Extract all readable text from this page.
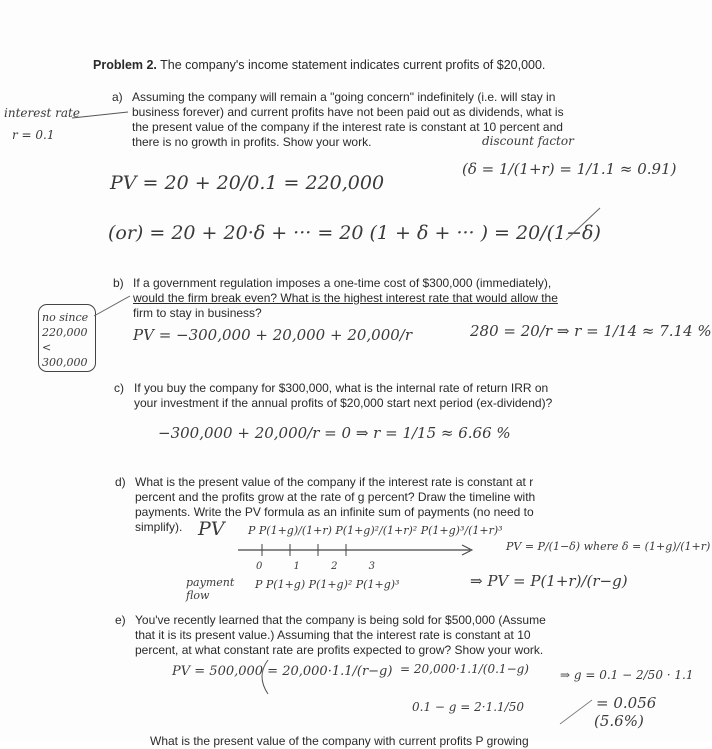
Problem 2. The company's income statement indicates current profits of $20,000.
a) Assuming the company will remain a "going concern" indefinitely (i.e. will stay in
business forever) and current profits have not been paid out as dividends, what is
the present value of the company if the interest rate is constant at 10 percent and
there is no growth in profits. Show your work.
b) If a government regulation imposes a one-time cost of $300,000 (immediately),
would the firm break even? What is the highest interest rate that would allow the
firm to stay in business?
c) If you buy the company for $300,000, what is the internal rate of return IRR on
your investment if the annual profits of $20,000 start next period (ex-dividend)?
d) What is the present value of the company if the interest rate is constant at r
percent and the profits grow at the rate of g percent? Draw the timeline with
payments. Write the PV formula as an infinite sum of payments (no need to
simplify).
e) You've recently learned that the company is being sold for $500,000 (Assume
that it is its present value.) Assuming that the interest rate is constant at 10
percent, at what constant rate are profits expected to grow? Show your work.
What is the present value of the company with current profits P growing
interest rate
r = 0.1	discount factor
(δ = 1/(1+r) = 1/1.1 ≈ 0.91)
PV = 20 + 20/0.1 = 220,000
(or) = 20 + 20·δ + ··· = 20 (1 + δ + ··· ) = 20/(1−δ)
no since 220,000 < 300,000
PV = −300,000 + 20,000 + 20,000/r	280 = 20/r ⇒ r = 1/14 ≈ 7.14 %
−300,000 + 20,000/r = 0 ⇒ r = 1/15 ≈ 6.66 %
PV P P(1+g)/(1+r) P(1+g)²/(1+r)² P(1+g)³/(1+r)³
0 1 2 3
payment flow
P P(1+g) P(1+g)² P(1+g)³
PV = P/(1−δ) where δ = (1+g)/(1+r)
⇒ PV = P(1+r)/(r−g)
PV = 500,000 = 20,000·1.1/(r−g) = 20,000·1.1/(0.1−g)	⇒ g = 0.1 − 2/50 · 1.1
0.1 − g = 2·1.1/50	= 0.056
(5.6%)
